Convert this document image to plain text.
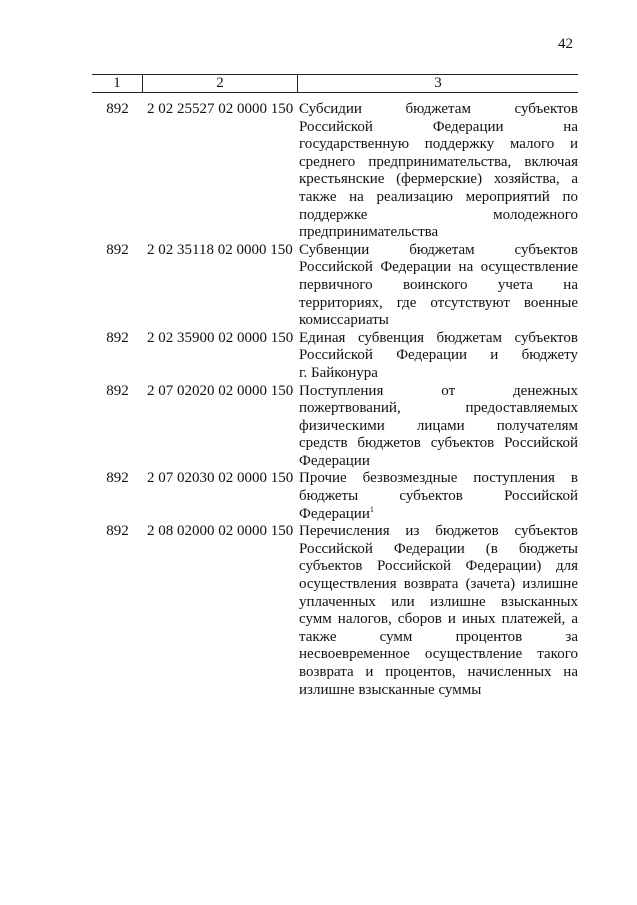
42
1	2	3
892	2 02 25527 02 0000 150 Субсидии бюджетам субъектов
Российской Федерации на
государственную поддержку малого и
среднего предпринимательства, включая
крестьянские (фермерские) хозяйства, а
также на реализацию мероприятий по
поддержке молодежного
предпринимательства
892	2 02 35118 02 0000 150 Субвенции бюджетам субъектов
Российской Федерации на осуществление
первичного воинского учета на
территориях, где отсутствуют военные
комиссариаты
892	2 02 35900 02 0000 150 Единая субвенция бюджетам субъектов
Российской Федерации и бюджету
г. Байконура
892	2 07 02020 02 0000 150 Поступления от денежных
пожертвований, предоставляемых
физическими лицами получателям
средств бюджетов субъектов Российской
Федерации
892	2 07 02030 02 0000 150 Прочие безвозмездные поступления в
бюджеты субъектов Российской
Федерации$^1$
892	2 08 02000 02 0000 150 Перечисления из бюджетов субъектов
Российской Федерации (в бюджеты
субъектов Российской Федерации) для
осуществления возврата (зачета) излишне
уплаченных или излишне взысканных
сумм налогов, сборов и иных платежей, а
также сумм процентов за
несвоевременное осуществление такого
возврата и процентов, начисленных на
излишне взысканные суммы
